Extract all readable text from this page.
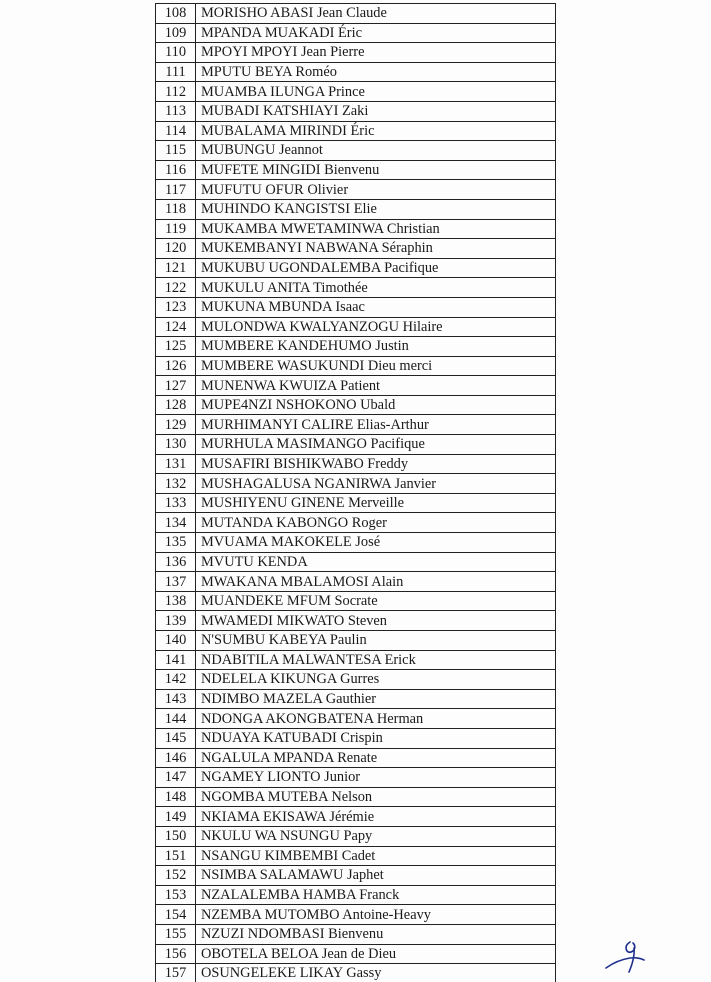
108	MORISHO ABASI Jean Claude
109	MPANDA MUAKADI Éric
110	MPOYI MPOYI Jean Pierre
111	MPUTU BEYA Roméo
112	MUAMBA ILUNGA Prince
113	MUBADI KATSHIAYI Zaki
114	MUBALAMA MIRINDI Éric
115	MUBUNGU Jeannot
116	MUFETE MINGIDI Bienvenu
117	MUFUTU OFUR Olivier
118	MUHINDO KANGISTSI Elie
119	MUKAMBA MWETAMINWA Christian
120	MUKEMBANYI NABWANA Séraphin
121	MUKUBU UGONDALEMBA Pacifique
122	MUKULU ANITA Timothée
123	MUKUNA MBUNDA Isaac
124	MULONDWA KWALYANZOGU Hilaire
125	MUMBERE KANDEHUMO Justin
126	MUMBERE WASUKUNDI Dieu merci
127	MUNENWA KWUIZA Patient
128	MUPE4NZI NSHOKONO Ubald
129	MURHIMANYI CALIRE Elias-Arthur
130	MURHULA MASIMANGO Pacifique
131	MUSAFIRI BISHIKWABO Freddy
132	MUSHAGALUSA NGANIRWA Janvier
133	MUSHIYENU GINENE Merveille
134	MUTANDA KABONGO Roger
135	MVUAMA MAKOKELE José
136	MVUTU KENDA
137	MWAKANA MBALAMOSI Alain
138	MUANDEKE MFUM Socrate
139	MWAMEDI MIKWATO Steven
140	N'SUMBU KABEYA Paulin
141	NDABITILA MALWANTESA Erick
142	NDELELA KIKUNGA Gurres
143	NDIMBO MAZELA Gauthier
144	NDONGA AKONGBATENA Herman
145	NDUAYA KATUBADI Crispin
146	NGALULA MPANDA Renate
147	NGAMEY LIONTO Junior
148	NGOMBA MUTEBA Nelson
149	NKIAMA EKISAWA Jérémie
150	NKULU WA NSUNGU Papy
151	NSANGU KIMBEMBI Cadet
152	NSIMBA SALAMAWU Japhet
153	NZALALEMBA HAMBA Franck
154	NZEMBA MUTOMBO Antoine-Heavy
155	NZUZI NDOMBASI Bienvenu
156	OBOTELA BELOA Jean de Dieu
157	OSUNGELEKE LIKAY Gassy
